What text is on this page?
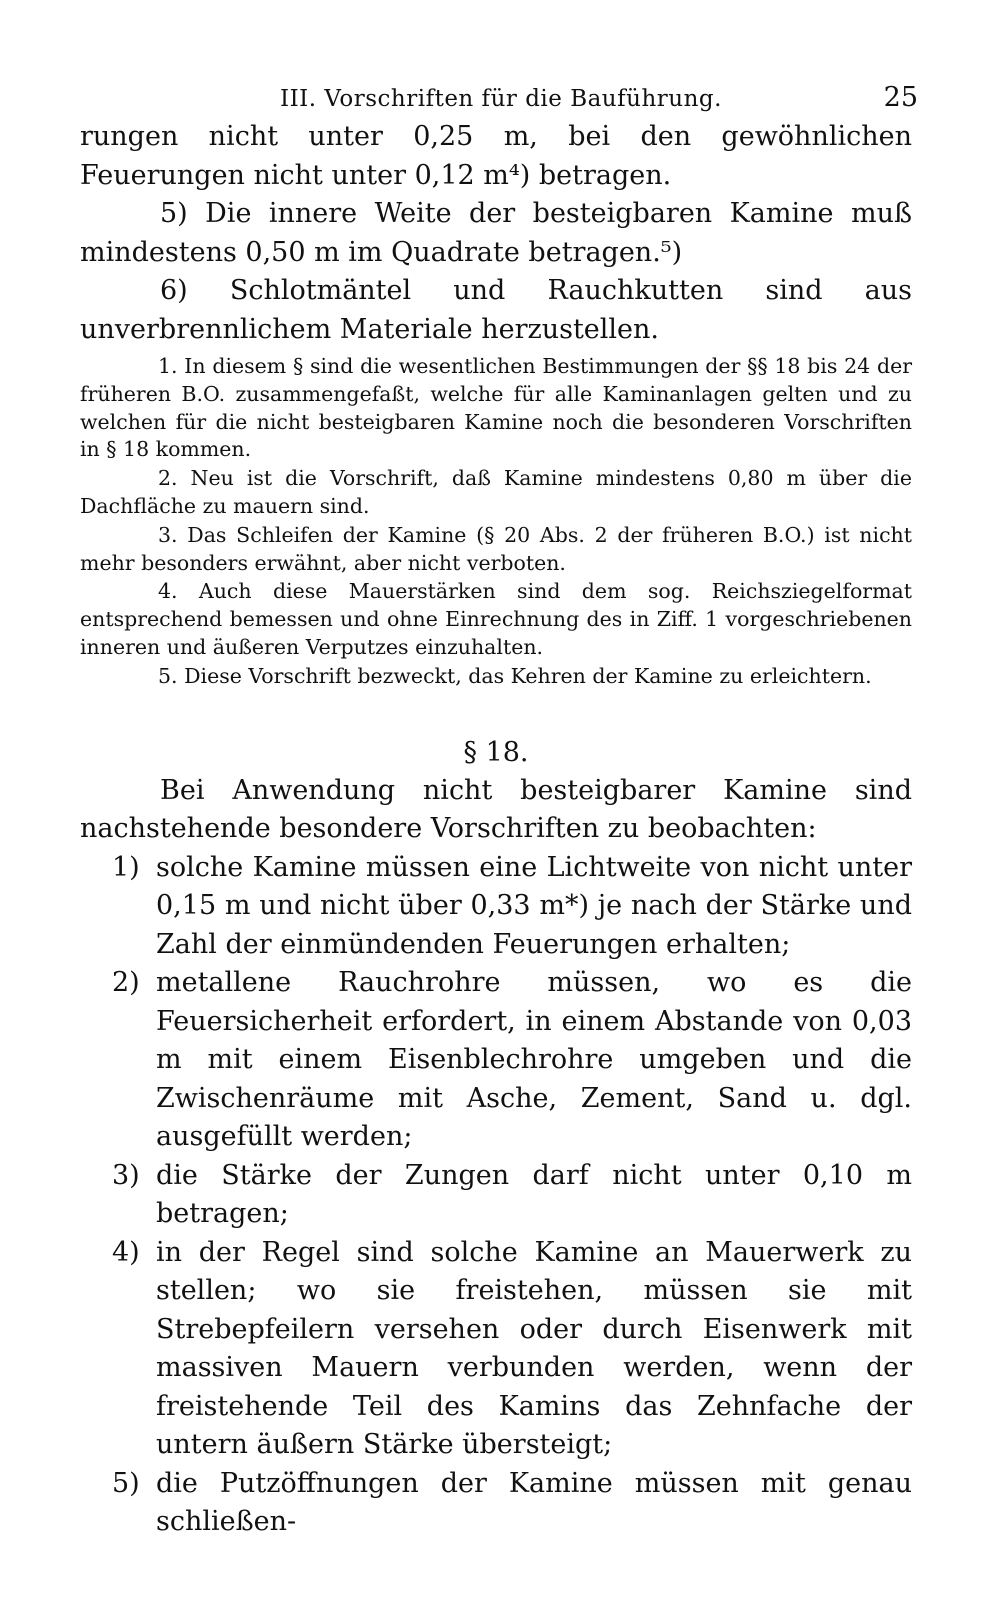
III. Vorschriften für die Bauführung.	25

rungen nicht unter 0,25 m, bei den gewöhnlichen Feuerungen nicht unter 0,12 m⁴) betragen.

5) Die innere Weite der besteigbaren Kamine muß mindestens 0,50 m im Quadrate betragen.⁵)

6) Schlotmäntel und Rauchkutten sind aus unverbrennlichem Materiale herzustellen.

1. In diesem § sind die wesentlichen Bestimmungen der §§ 18 bis 24 der früheren B.O. zusammengefaßt, welche für alle Kaminanlagen gelten und zu welchen für die nicht besteigbaren Kamine noch die besonderen Vorschriften in § 18 kommen.

2. Neu ist die Vorschrift, daß Kamine mindestens 0,80 m über die Dachfläche zu mauern sind.

3. Das Schleifen der Kamine (§ 20 Abs. 2 der früheren B.O.) ist nicht mehr besonders erwähnt, aber nicht verboten.

4. Auch diese Mauerstärken sind dem sog. Reichsziegelformat entsprechend bemessen und ohne Einrechnung des in Ziff. 1 vorgeschriebenen inneren und äußeren Verputzes einzuhalten.

5. Diese Vorschrift bezweckt, das Kehren der Kamine zu erleichtern.

§ 18.

Bei Anwendung nicht besteigbarer Kamine sind nachstehende besondere Vorschriften zu beobachten:

1) solche Kamine müssen eine Lichtweite von nicht unter 0,15 m und nicht über 0,33 m*) je nach der Stärke und Zahl der einmündenden Feuerungen erhalten;
2) metallene Rauchrohre müssen, wo es die Feuersicherheit erfordert, in einem Abstande von 0,03 m mit einem Eisenblechrohre umgeben und die Zwischenräume mit Asche, Zement, Sand u. dgl. ausgefüllt werden;
3) die Stärke der Zungen darf nicht unter 0,10 m betragen;
4) in der Regel sind solche Kamine an Mauerwerk zu stellen; wo sie freistehen, müssen sie mit Strebepfeilern versehen oder durch Eisenwerk mit massiven Mauern verbunden werden, wenn der freistehende Teil des Kamins das Zehnfache der untern äußern Stärke übersteigt;
5) die Putzöffnungen der Kamine müssen mit genau schließen-
